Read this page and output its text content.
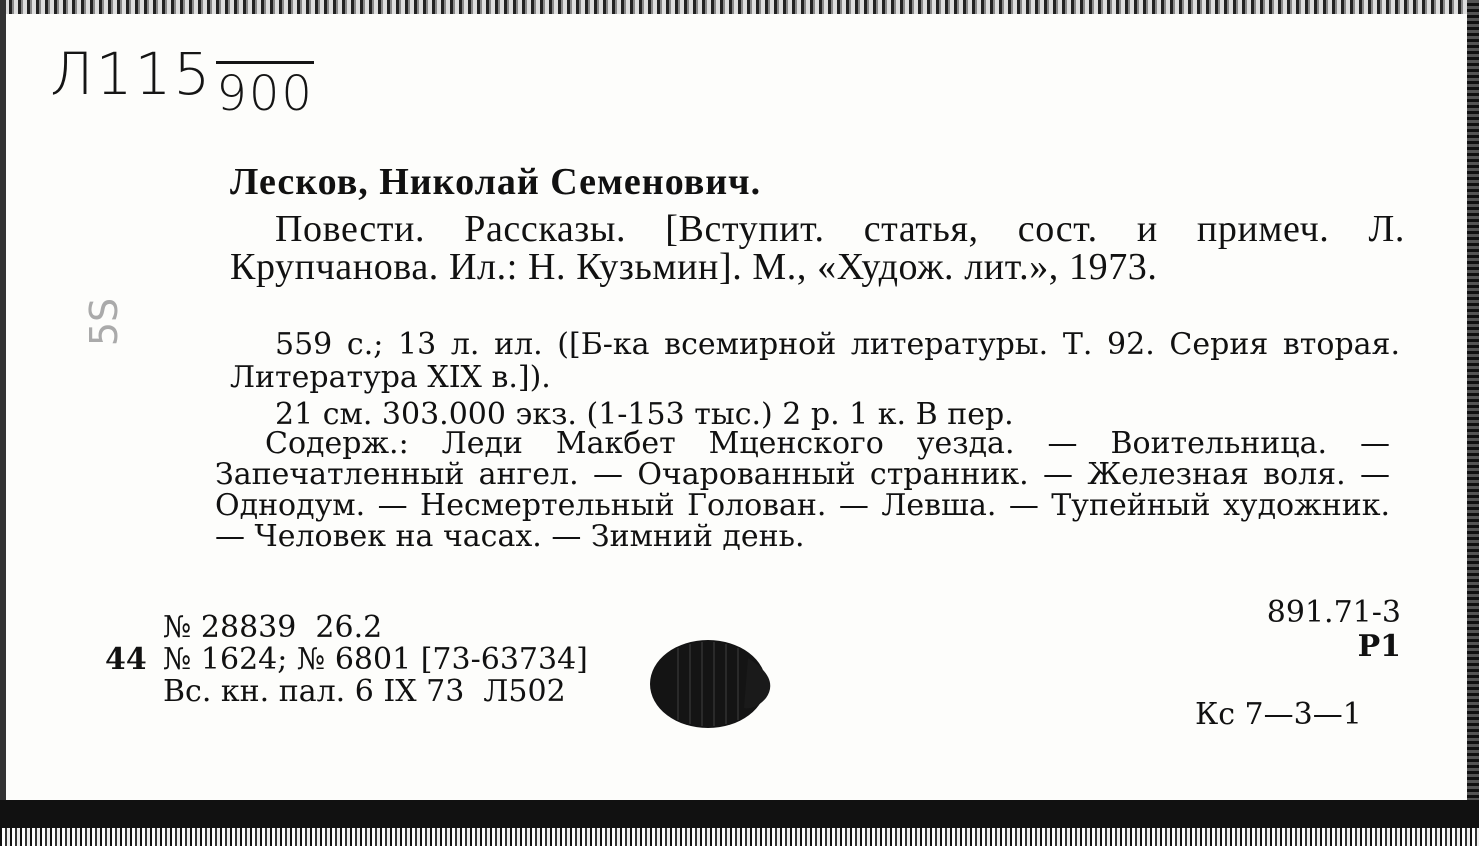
Л115900
5S
Лесков, Николай Семенович.
Повести. Рассказы. [Вступит. статья, сост. и примеч. Л. Крупчанова. Ил.: Н. Кузьмин]. М., «Худож. лит.», 1973.
559 с.; 13 л. ил. ([Б-ка всемирной литературы. Т. 92. Серия вторая. Литература XIX в.]).
21 см. 303.000 экз. (1-153 тыс.) 2 р. 1 к. В пер.
Содерж.: Леди Макбет Мценского уезда. — Воительница. — Запечатленный ангел. — Очарованный странник. — Железная воля. — Однодум. — Несмертельный Голован. — Левша. — Тупейный художник. — Человек на часах. — Зимний день.
№ 28839  26.2
44 № 1624; № 6801 [73-63734]
Вс. кн. пал. 6 IX 73  Л502
891.71-3
Р1
Кс 7—3—1
